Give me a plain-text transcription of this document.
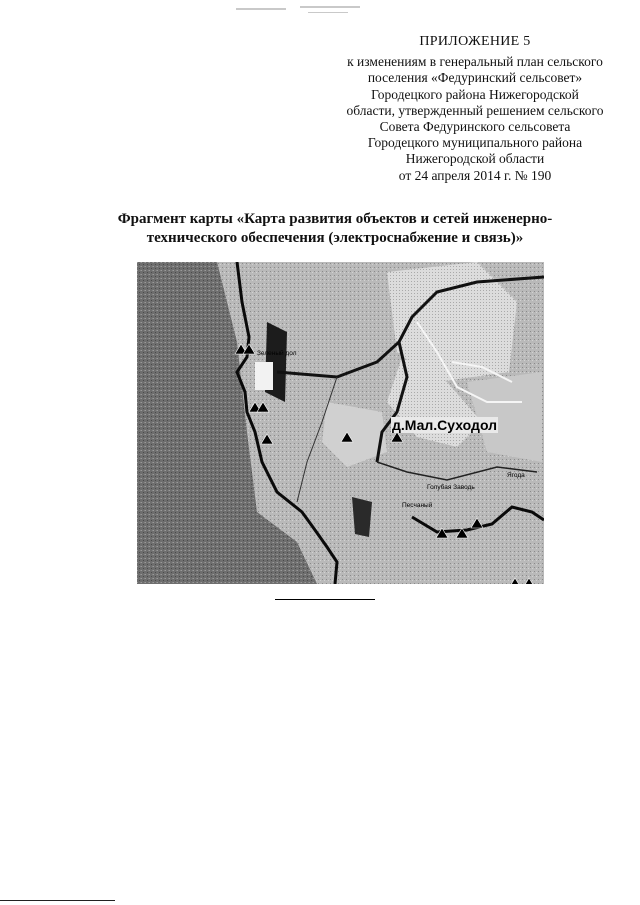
ПРИЛОЖЕНИЕ 5
к изменениям в генеральный план сельского
поселения «Федуринский сельсовет»
Городецкого района Нижегородской
области, утвержденный решением сельского
Совета Федуринского сельсовета
Городецкого муниципального района
Нижегородской области
от 24 апреля 2014 г. № 190
Фрагмент карты «Карта развития объектов и сетей инженерно-
технического обеспечения (электроснабжение и связь)»
д.Мал.Суходол
Зеленый дол
Песчаный
Голубая Заводь
Ягода
